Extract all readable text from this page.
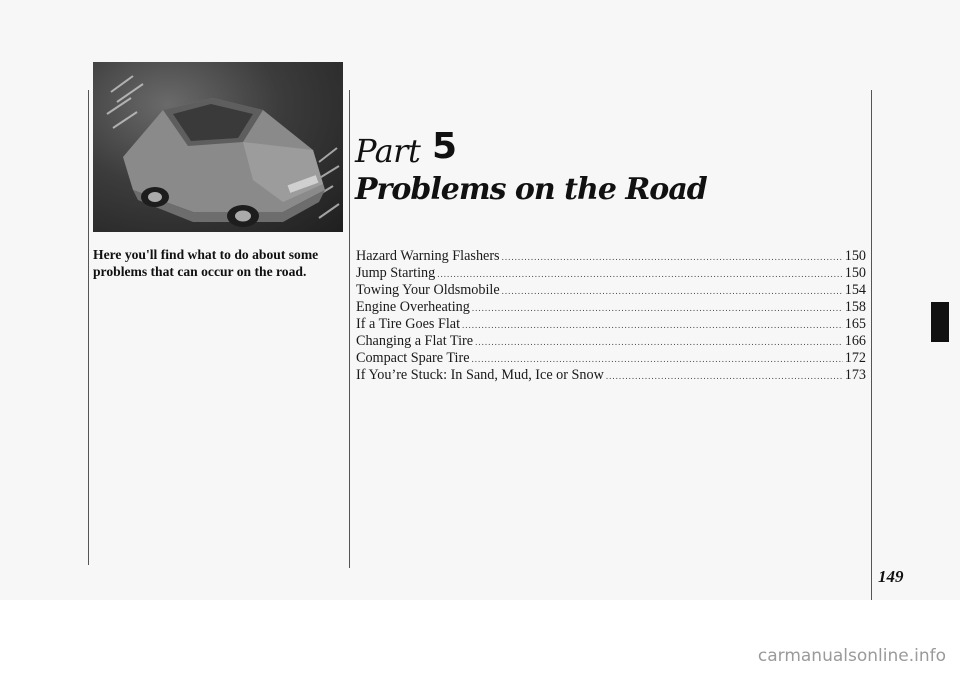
Here you'll find what to do about some problems that can occur on the road.
Part 5
Problems on the Road
Hazard Warning Flashers .....	150
Jump Starting .....	150
Towing Your Oldsmobile .....	154
Engine Overheating .....	158
If a Tire Goes Flat .....	165
Changing a Flat Tire .....	166
Compact Spare Tire .....	172
If You’re Stuck: In Sand, Mud, Ice or Snow .....	173
149
carmanualsonline.info
